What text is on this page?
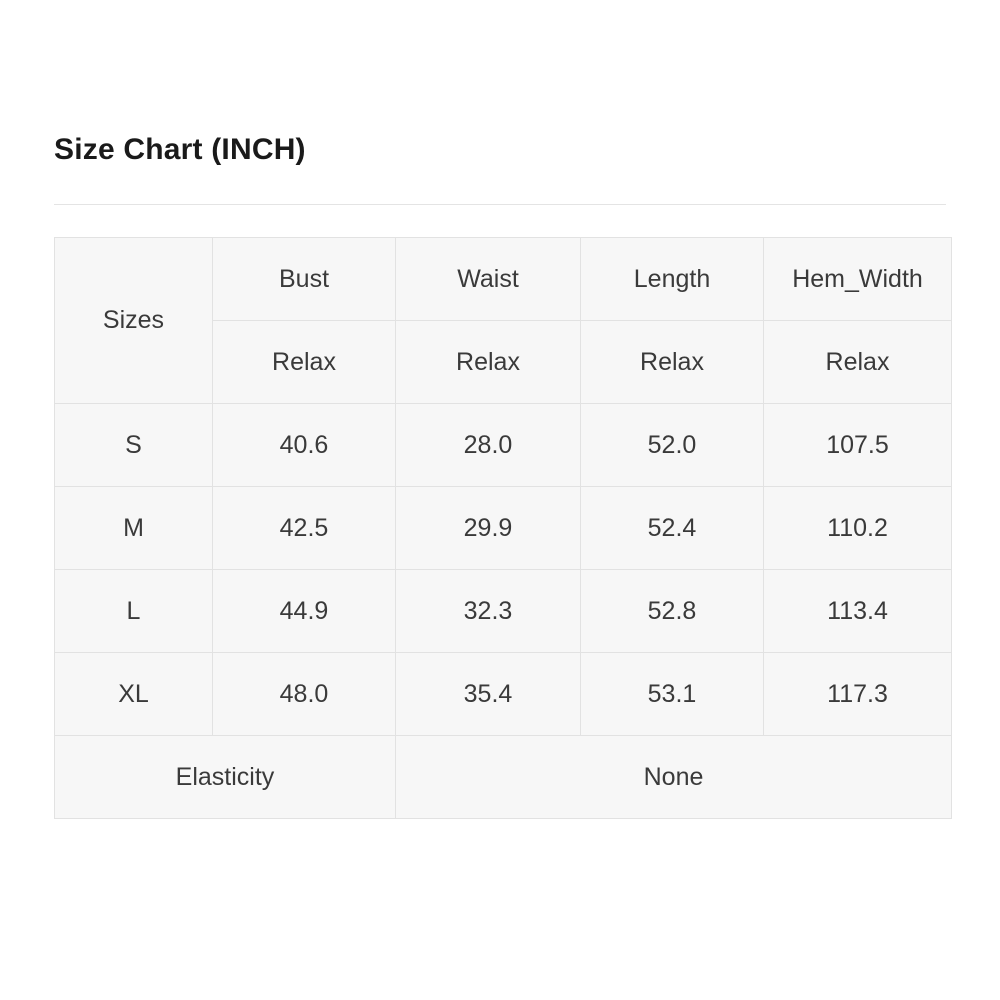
Size Chart (INCH)
Sizes	Bust	Waist	Length	Hem_Width

	Relax	Relax	Relax	Relax
S	40.6	28.0	52.0	107.5
M	42.5	29.9	52.4	110.2
L	44.9	32.3	52.8	113.4
XL	48.0	35.4	53.1	117.3
Elasticity		None		
